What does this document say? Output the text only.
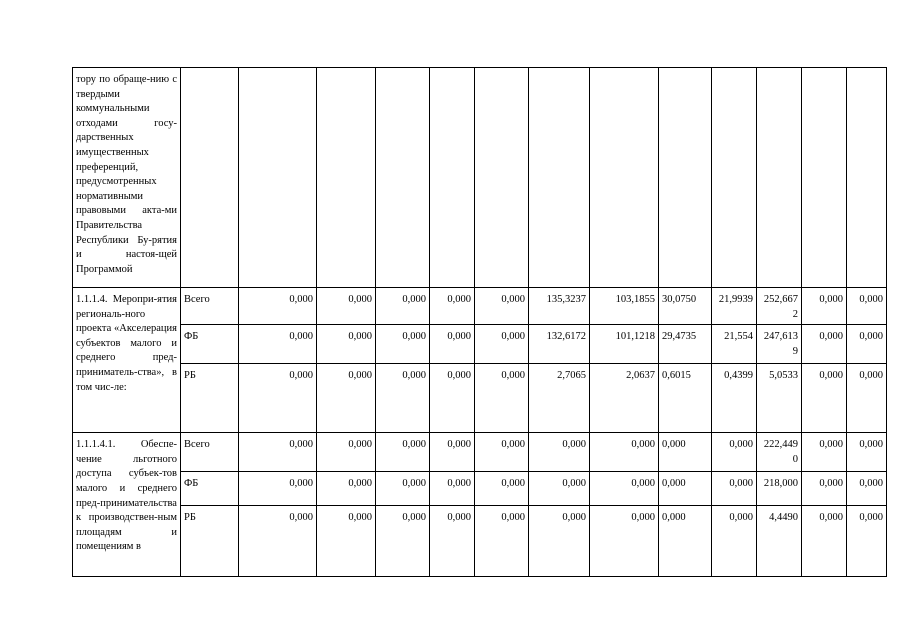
тору по обраще-нию с твердыми коммунальными отходами госу-дарственных имущественных преференций, предусмотренных нормативными правовыми акта-ми Правительства Республики Бу-рятия и настоя-щей Программой													
1.1.1.4. Меропри-ятия региональ-ного проекта «Акселерация субъектов малого и среднего пред-приниматель-ства», в том чис-ле:	Всего	0,000	0,000	0,000	0,000	0,000	135,3237	103,1855	30,0750	21,9939	252,667 2	0,000	0,000
	ФБ	0,000	0,000	0,000	0,000	0,000	132,6172	101,1218	29,4735	21,554	247,613 9	0,000	0,000
	РБ	0,000	0,000	0,000	0,000	0,000	2,7065	2,0637	0,6015	0,4399	5,0533	0,000	0,000
1.1.1.4.1. Обеспе-чение льготного доступа субъек-тов малого и среднего пред-принимательства к производствен-ным площадям и помещениям в	Всего	0,000	0,000	0,000	0,000	0,000	0,000	0,000	0,000	0,000	222,449 0	0,000	0,000
	ФБ	0,000	0,000	0,000	0,000	0,000	0,000	0,000	0,000	0,000	218,000	0,000	0,000
	РБ	0,000	0,000	0,000	0,000	0,000	0,000	0,000	0,000	0,000	4,4490	0,000	0,000
